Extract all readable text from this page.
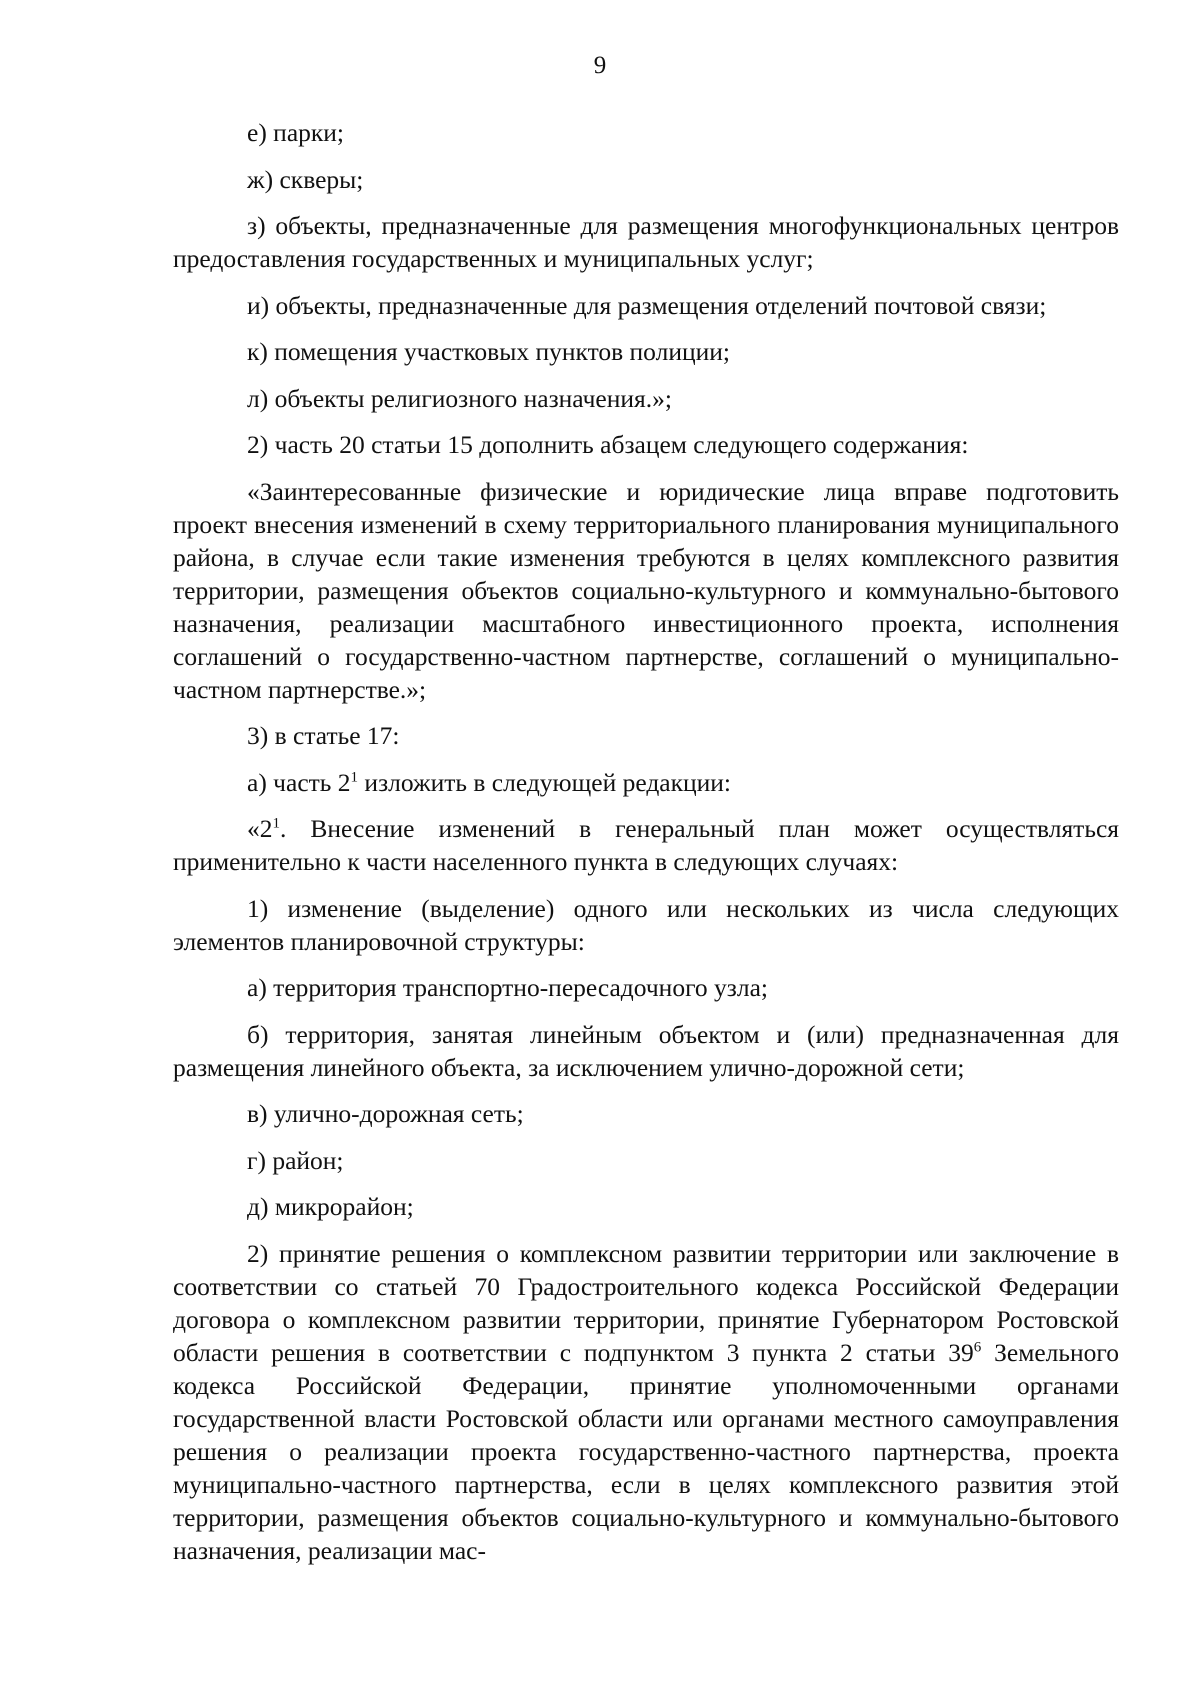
9

е) парки;

ж) скверы;

з) объекты, предназначенные для размещения многофункциональных центров предоставления государственных и муниципальных услуг;

и) объекты, предназначенные для размещения отделений почтовой связи;

к) помещения участковых пунктов полиции;

л) объекты религиозного назначения.»;

2) часть 20 статьи 15 дополнить абзацем следующего содержания:

«Заинтересованные физические и юридические лица вправе подготовить проект внесения изменений в схему территориального планирования муниципального района, в случае если такие изменения требуются в целях комплексного развития территории, размещения объектов социально-культурного и коммунально-бытового назначения, реализации масштабного инвестиционного проекта, исполнения соглашений о государственно-частном партнерстве, соглашений о муниципально-частном партнерстве.»;

3) в статье 17:

а) часть $2^1$ изложить в следующей редакции:

«$2^1$. Внесение изменений в генеральный план может осуществляться применительно к части населенного пункта в следующих случаях:

1) изменение (выделение) одного или нескольких из числа следующих элементов планировочной структуры:

а) территория транспортно-пересадочного узла;

б) территория, занятая линейным объектом и (или) предназначенная для размещения линейного объекта, за исключением улично-дорожной сети;

в) улично-дорожная сеть;

г) район;

д) микрорайон;

2) принятие решения о комплексном развитии территории или заключение в соответствии со статьей 70 Градостроительного кодекса Российской Федерации договора о комплексном развитии территории, принятие Губернатором Ростовской области решения в соответствии с подпунктом 3 пункта 2 статьи $39^6$ Земельного кодекса Российской Федерации, принятие уполномоченными органами государственной власти Ростовской области или органами местного самоуправления решения о реализации проекта государственно-частного партнерства, проекта муниципально-частного партнерства, если в целях комплексного развития этой территории, размещения объектов социально-культурного и коммунально-бытового назначения, реализации мас-
